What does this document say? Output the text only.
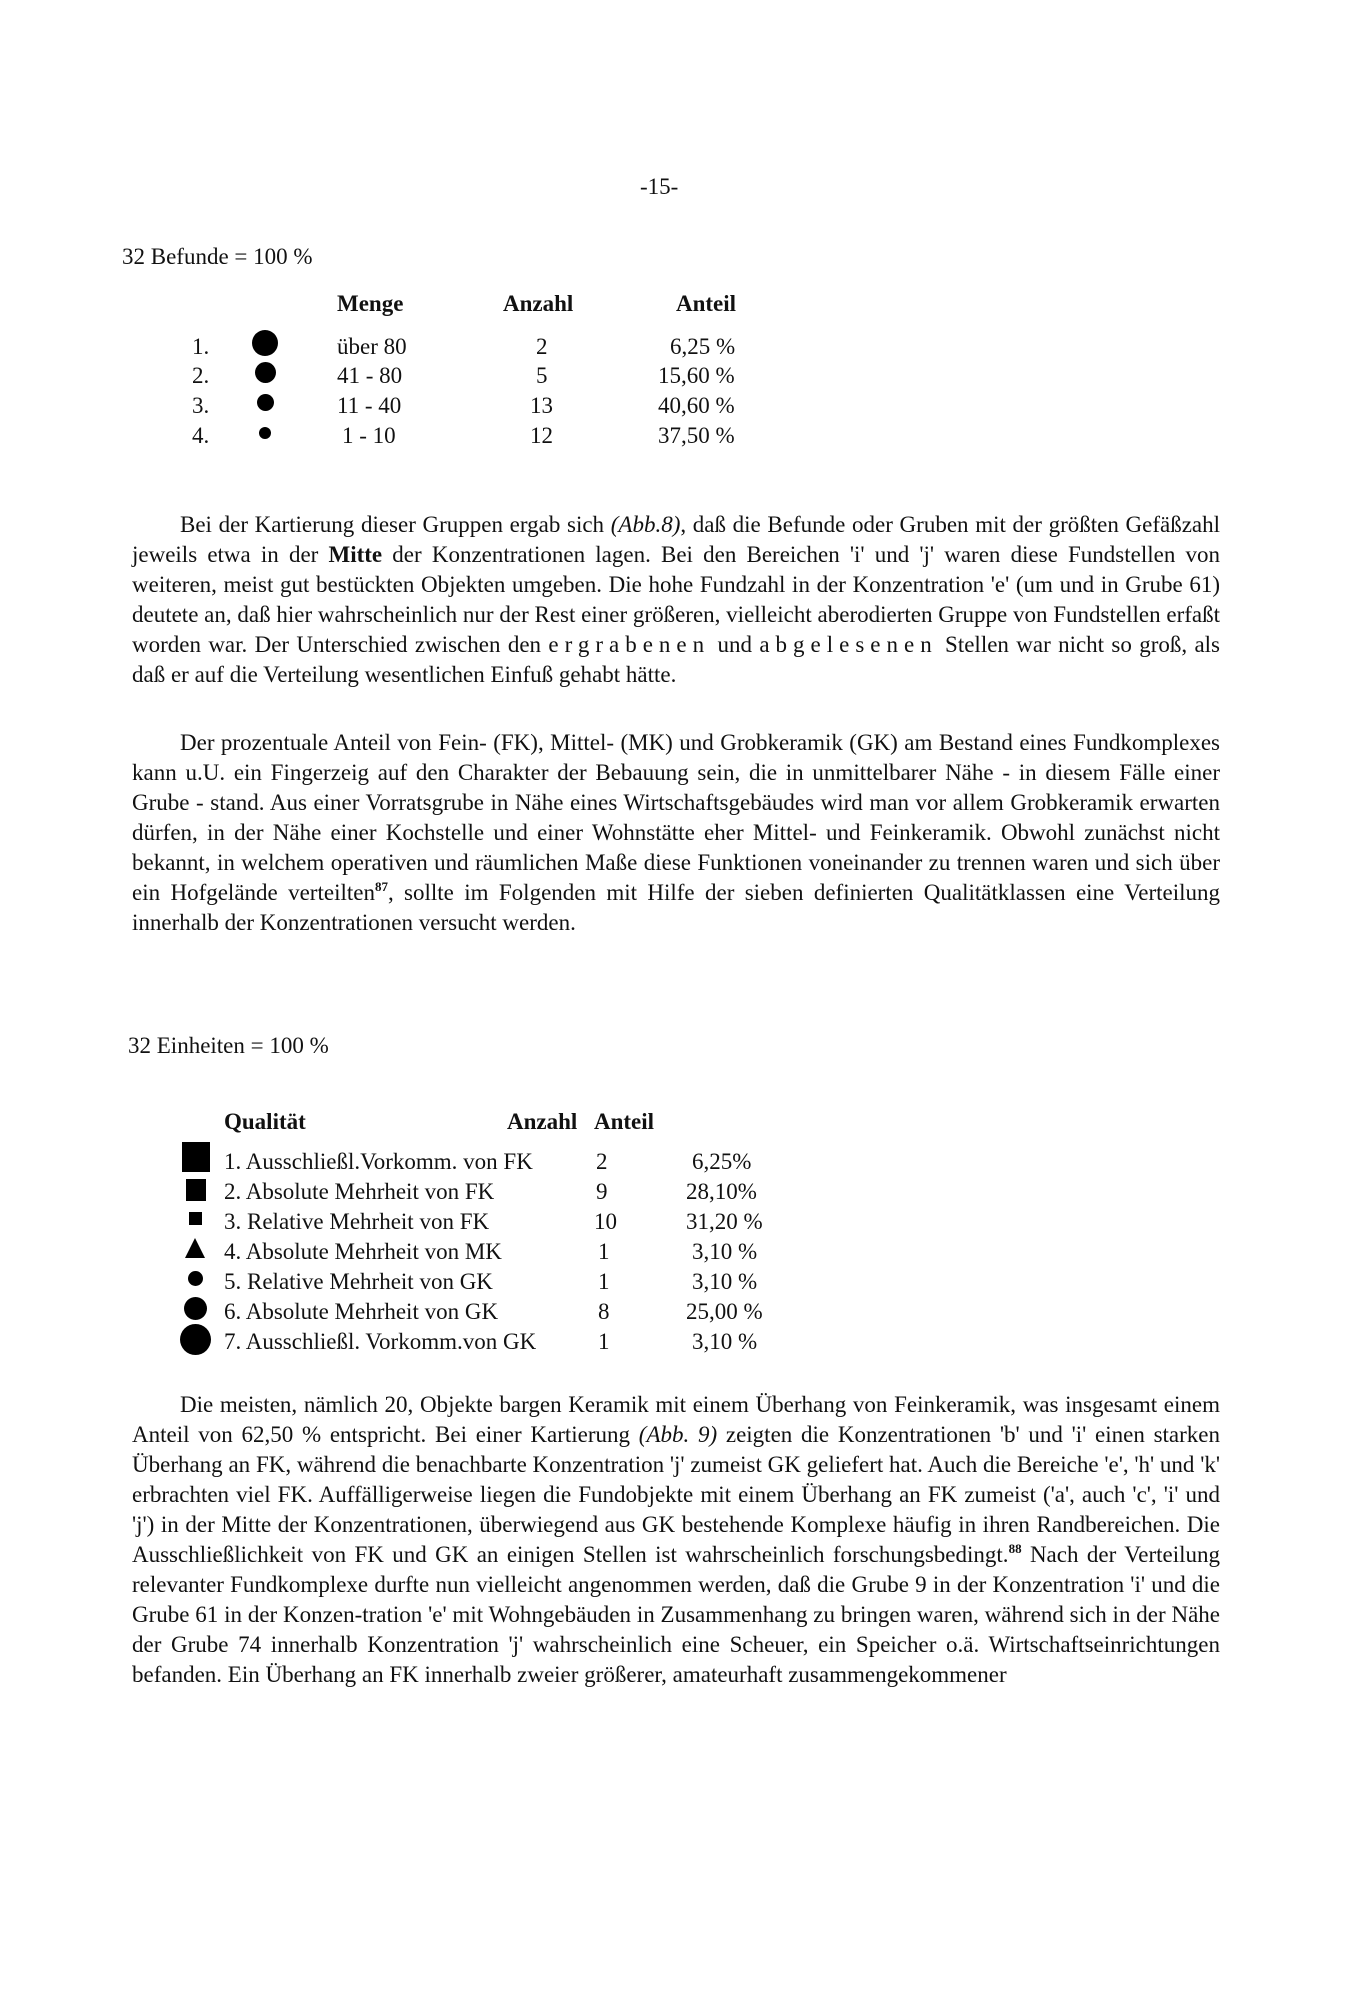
-15-
32 Befunde = 100 %
Menge	Anzahl	Anteil
1.	über 80	2	6,25 %
2.	41 - 80	5	15,60 %
3.	11 - 40	13	40,60 %
4.	1 - 10	12	37,50 %

Bei der Kartierung dieser Gruppen ergab sich (Abb.8), daß die Befunde oder Gruben mit der größten Gefäßzahl jeweils etwa in der Mitte der Konzentrationen lagen. Bei den Bereichen 'i' und 'j' waren diese Fundstellen von weiteren, meist gut bestückten Objekten umgeben. Die hohe Fundzahl in der Konzentration 'e' (um und in Grube 61) deutete an, daß hier wahrscheinlich nur der Rest einer größeren, vielleicht aberodierten Gruppe von Fundstellen erfaßt worden war. Der Unterschied zwischen den ergrabenen und abgelesenen Stellen war nicht so groß, als daß er auf die Verteilung wesentlichen Einfuß gehabt hätte.

Der prozentuale Anteil von Fein- (FK), Mittel- (MK) und Grobkeramik (GK) am Bestand eines Fundkomplexes kann u.U. ein Fingerzeig auf den Charakter der Bebauung sein, die in unmittelbarer Nähe - in diesem Fälle einer Grube - stand. Aus einer Vorratsgrube in Nähe eines Wirtschaftsgebäudes wird man vor allem Grobkeramik erwarten dürfen, in der Nähe einer Kochstelle und einer Wohnstätte eher Mittel- und Feinkeramik. Obwohl zunächst nicht bekannt, in welchem operativen und räumlichen Maße diese Funktionen voneinander zu trennen waren und sich über ein Hofgelände verteilten$^{87}$, sollte im Folgenden mit Hilfe der sieben definierten Qualitätklassen eine Verteilung innerhalb der Konzentrationen versucht werden.

32 Einheiten = 100 %
Qualität	Anzahl Anteil
1. Ausschließl.Vorkomm. von FK	2	6,25%
2. Absolute Mehrheit von FK	9	28,10%
3. Relative Mehrheit von FK	10	31,20 %
4. Absolute Mehrheit von MK	1	3,10 %
5. Relative Mehrheit von GK	1	3,10 %
6. Absolute Mehrheit von GK	8	25,00 %
7. Ausschließl. Vorkomm.von GK	1	3,10 %

Die meisten, nämlich 20, Objekte bargen Keramik mit einem Überhang von Feinkeramik, was insgesamt einem Anteil von 62,50 % entspricht. Bei einer Kartierung (Abb. 9) zeigten die Konzentrationen 'b' und 'i' einen starken Überhang an FK, während die benachbarte Konzentration 'j' zumeist GK geliefert hat. Auch die Bereiche 'e', 'h' und 'k' erbrachten viel FK. Auffälligerweise liegen die Fundobjekte mit einem Überhang an FK zumeist ('a', auch 'c', 'i' und 'j') in der Mitte der Konzentrationen, überwiegend aus GK bestehende Komplexe häufig in ihren Randbereichen. Die Ausschließlichkeit von FK und GK an einigen Stellen ist wahrscheinlich forschungsbedingt.$^{88}$ Nach der Verteilung relevanter Fundkomplexe durfte nun vielleicht angenommen werden, daß die Grube 9 in der Konzentration 'i' und die Grube 61 in der Konzen-tration 'e' mit Wohngebäuden in Zusammenhang zu bringen waren, während sich in der Nähe der Grube 74 innerhalb Konzentration 'j' wahrscheinlich eine Scheuer, ein Speicher o.ä. Wirtschaftseinrichtungen befanden. Ein Überhang an FK innerhalb zweier größerer, amateurhaft zusammengekommener
